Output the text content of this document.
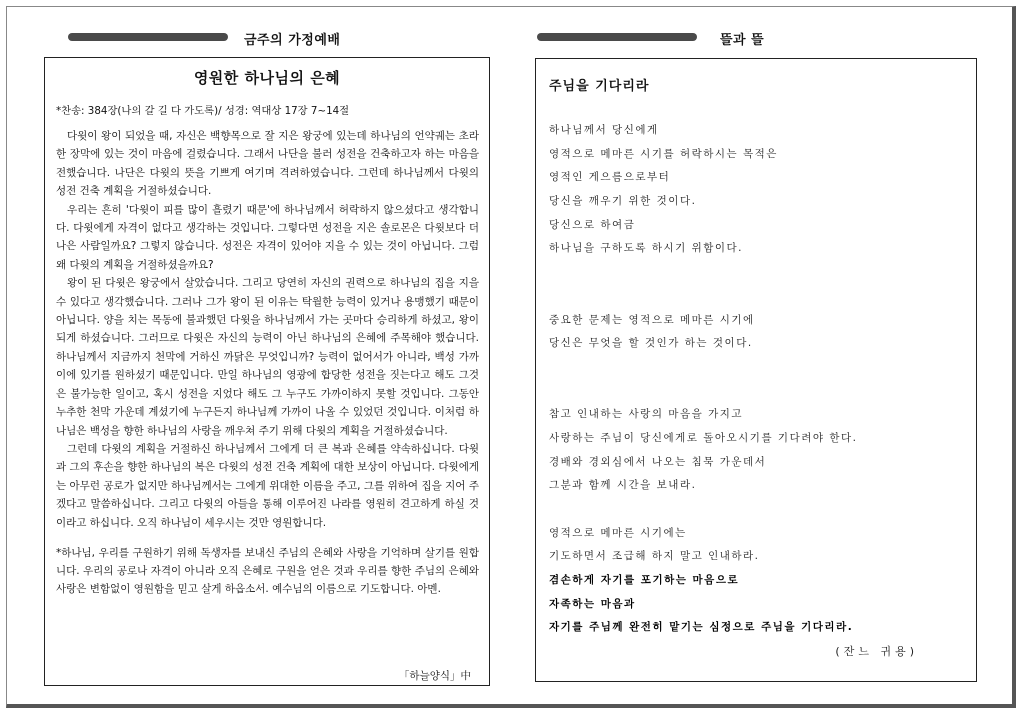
금주의 가정예배	뜰과 뜰
영원한 하나님의 은혜
*찬송: 384장(나의 갈 길 다 가도록)/ 성경: 역대상 17장 7~14절

다윗이 왕이 되었을 때, 자신은 백향목으로 잘 지은 왕궁에 있는데 하나님의 언약궤는 초라한 장막에 있는 것이 마음에 걸렸습니다. 그래서 나단을 불러 성전을 건축하고자 하는 마음을 전했습니다. 나단은 다윗의 뜻을 기쁘게 여기며 격려하였습니다. 그런데 하나님께서 다윗의 성전 건축 계획을 거절하셨습니다.

우리는 흔히 '다윗이 피를 많이 흘렸기 때문'에 하나님께서 허락하지 않으셨다고 생각합니다. 다윗에게 자격이 없다고 생각하는 것입니다. 그렇다면 성전을 지은 솔로몬은 다윗보다 더 나은 사람일까요? 그렇지 않습니다. 성전은 자격이 있어야 지을 수 있는 것이 아닙니다. 그럼 왜 다윗의 계획을 거절하셨을까요?

왕이 된 다윗은 왕궁에서 살았습니다. 그리고 당연히 자신의 권력으로 하나님의 집을 지을 수 있다고 생각했습니다. 그러나 그가 왕이 된 이유는 탁월한 능력이 있거나 용맹했기 때문이 아닙니다. 양을 치는 목동에 불과했던 다윗을 하나님께서 가는 곳마다 승리하게 하셨고, 왕이 되게 하셨습니다. 그러므로 다윗은 자신의 능력이 아닌 하나님의 은혜에 주목해야 했습니다. 하나님께서 지금까지 천막에 거하신 까닭은 무엇입니까? 능력이 없어서가 아니라, 백성 가까이에 있기를 원하셨기 때문입니다. 만일 하나님의 영광에 합당한 성전을 짓는다고 해도 그것은 불가능한 일이고, 혹시 성전을 지었다 해도 그 누구도 가까이하지 못할 것입니다. 그동안 누추한 천막 가운데 계셨기에 누구든지 하나님께 가까이 나올 수 있었던 것입니다. 이처럼 하나님은 백성을 향한 하나님의 사랑을 깨우쳐 주기 위해 다윗의 계획을 거절하셨습니다.

그런데 다윗의 계획을 거절하신 하나님께서 그에게 더 큰 복과 은혜를 약속하십니다. 다윗과 그의 후손을 향한 하나님의 복은 다윗의 성전 건축 계획에 대한 보상이 아닙니다. 다윗에게는 아무런 공로가 없지만 하나님께서는 그에게 위대한 이름을 주고, 그를 위하여 집을 지어 주겠다고 말씀하십니다. 그리고 다윗의 아들을 통해 이루어진 나라를 영원히 견고하게 하실 것이라고 하십니다. 오직 하나님이 세우시는 것만 영원합니다.

*하나님, 우리를 구원하기 위해 독생자를 보내신 주님의 은혜와 사랑을 기억하며 살기를 원합니다. 우리의 공로나 자격이 아니라 오직 은혜로 구원을 얻은 것과 우리를 향한 주님의 은혜와 사랑은 변함없이 영원함을 믿고 살게 하옵소서. 예수님의 이름으로 기도합니다. 아멘.
「하늘양식」中
주님을 기다리라
하나님께서 당신에게
영적으로 메마른 시기를 허락하시는 목적은
영적인 게으름으로부터
당신을 깨우기 위한 것이다.
당신으로 하여금
하나님을 구하도록 하시기 위함이다.
중요한 문제는 영적으로 메마른 시기에
당신은 무엇을 할 것인가 하는 것이다.
참고 인내하는 사랑의 마음을 가지고
사랑하는 주님이 당신에게로 돌아오시기를 기다려야 한다.
경배와 경외심에서 나오는 침묵 가운데서
그분과 함께 시간을 보내라.
영적으로 메마른 시기에는
기도하면서 조급해 하지 말고 인내하라.
겸손하게 자기를 포기하는 마음으로
자족하는 마음과
자기를 주님께 완전히 맡기는 심정으로 주님을 기다리라.
(잔느 귀용)
